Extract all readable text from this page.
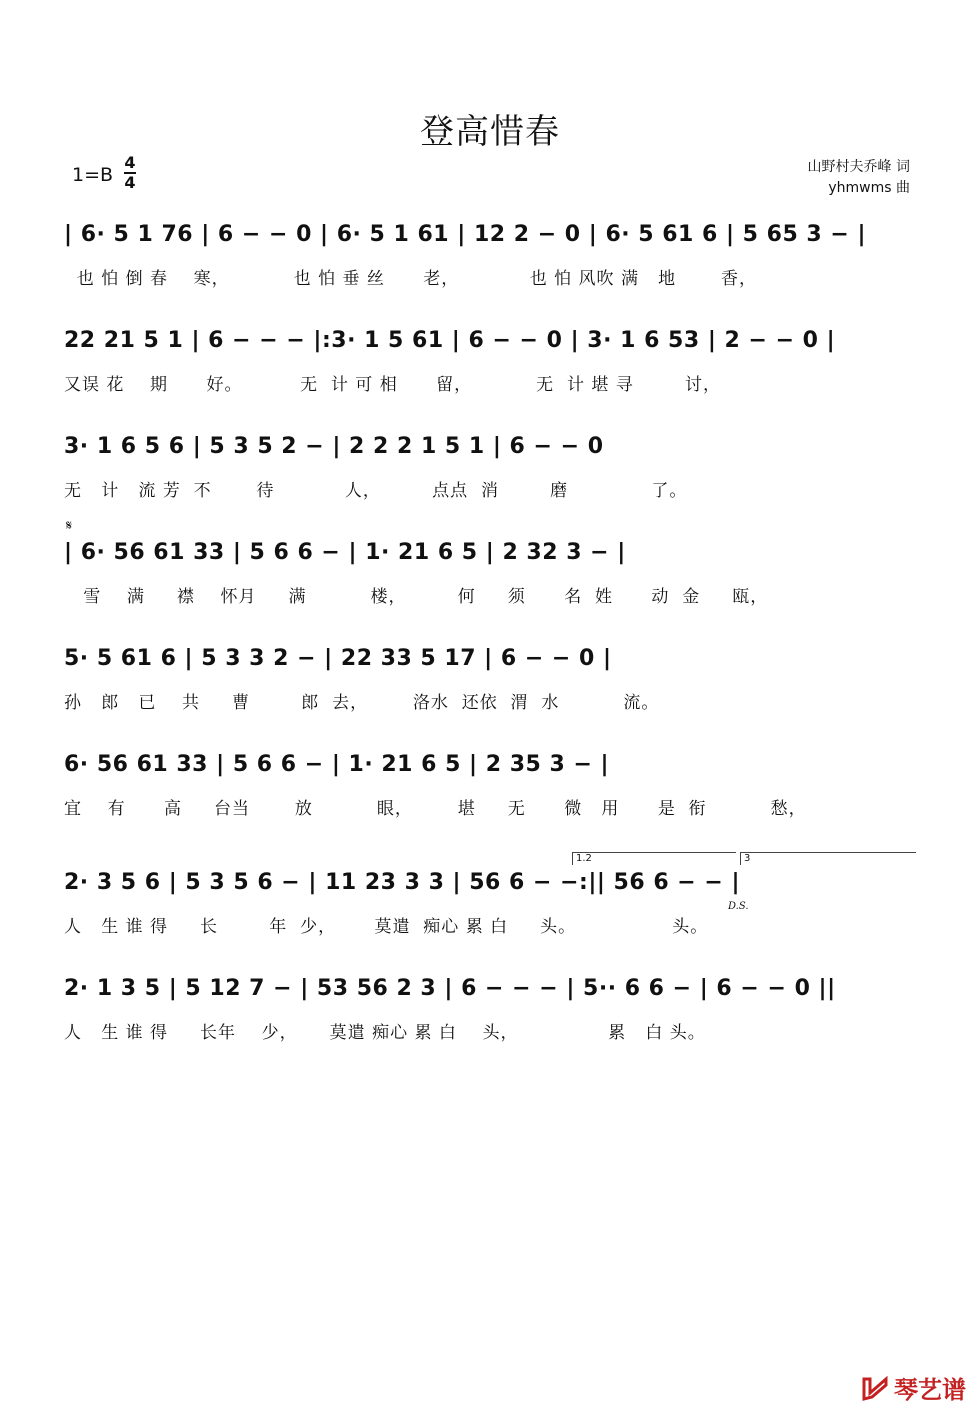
登高惜春
1=B
4
4
山野村夫乔峰 词
yhmwms 曲
𝄋
| 6· 5 1 76 | 6 − − 0 | 6· 5 1 61 | 12 2 − 0 | 6· 5 61 6 | 5 65 3 − |
也 怕 倒 春    寒，          也 怕 垂 丝      老，           也 怕 风吹 满   地       香，
22 21 5 1 | 6 − − − |:3· 1 5 61 | 6 − − 0 | 3· 1 6 53 | 2 − − 0 |
又误 花    期      好。         无  计 可 相      留，          无  计 堪 寻        讨，
3· 1 6 5 6 | 5 3 5 2 − | 2 2 2 1 5 1 | 6 − − 0
无   计   流 芳  不       待           人，        点点  消        磨             了。
| 6· 56 61 33 | 5 6 6 − | 1· 21 6 5 | 2 32 3 − |
雪    满     襟    怀月     满          楼，        何     须      名  姓      动  金     瓯，
5· 5 61 6 | 5 3 3 2 − | 22 33 5 17 | 6 − − 0 |
孙   郎   已    共     曹        郎  去，       洛水  还依  渭  水          流。
6· 56 61 33 | 5 6 6 − | 1· 21 6 5 | 2 35 3 − |
宜    有      高     台当       放          眼，       堪     无      微   用      是  衔          愁，
1.2	3
2· 3 5 6 | 5 3 5 6 − | 11 23 3 3 | 56 6 − −:|| 56 6 − − |
D.S.
人   生 谁 得     长        年  少，      莫遣  痴心 累 白     头。               头。
2· 1 3 5 | 5 12 7 − | 53 56 2 3 | 6 − − − | 5·· 6 6 − | 6 − − 0 ||
人   生 谁 得     长年    少，     莫遣 痴心 累 白    头，              累   白 头。
琴艺谱
